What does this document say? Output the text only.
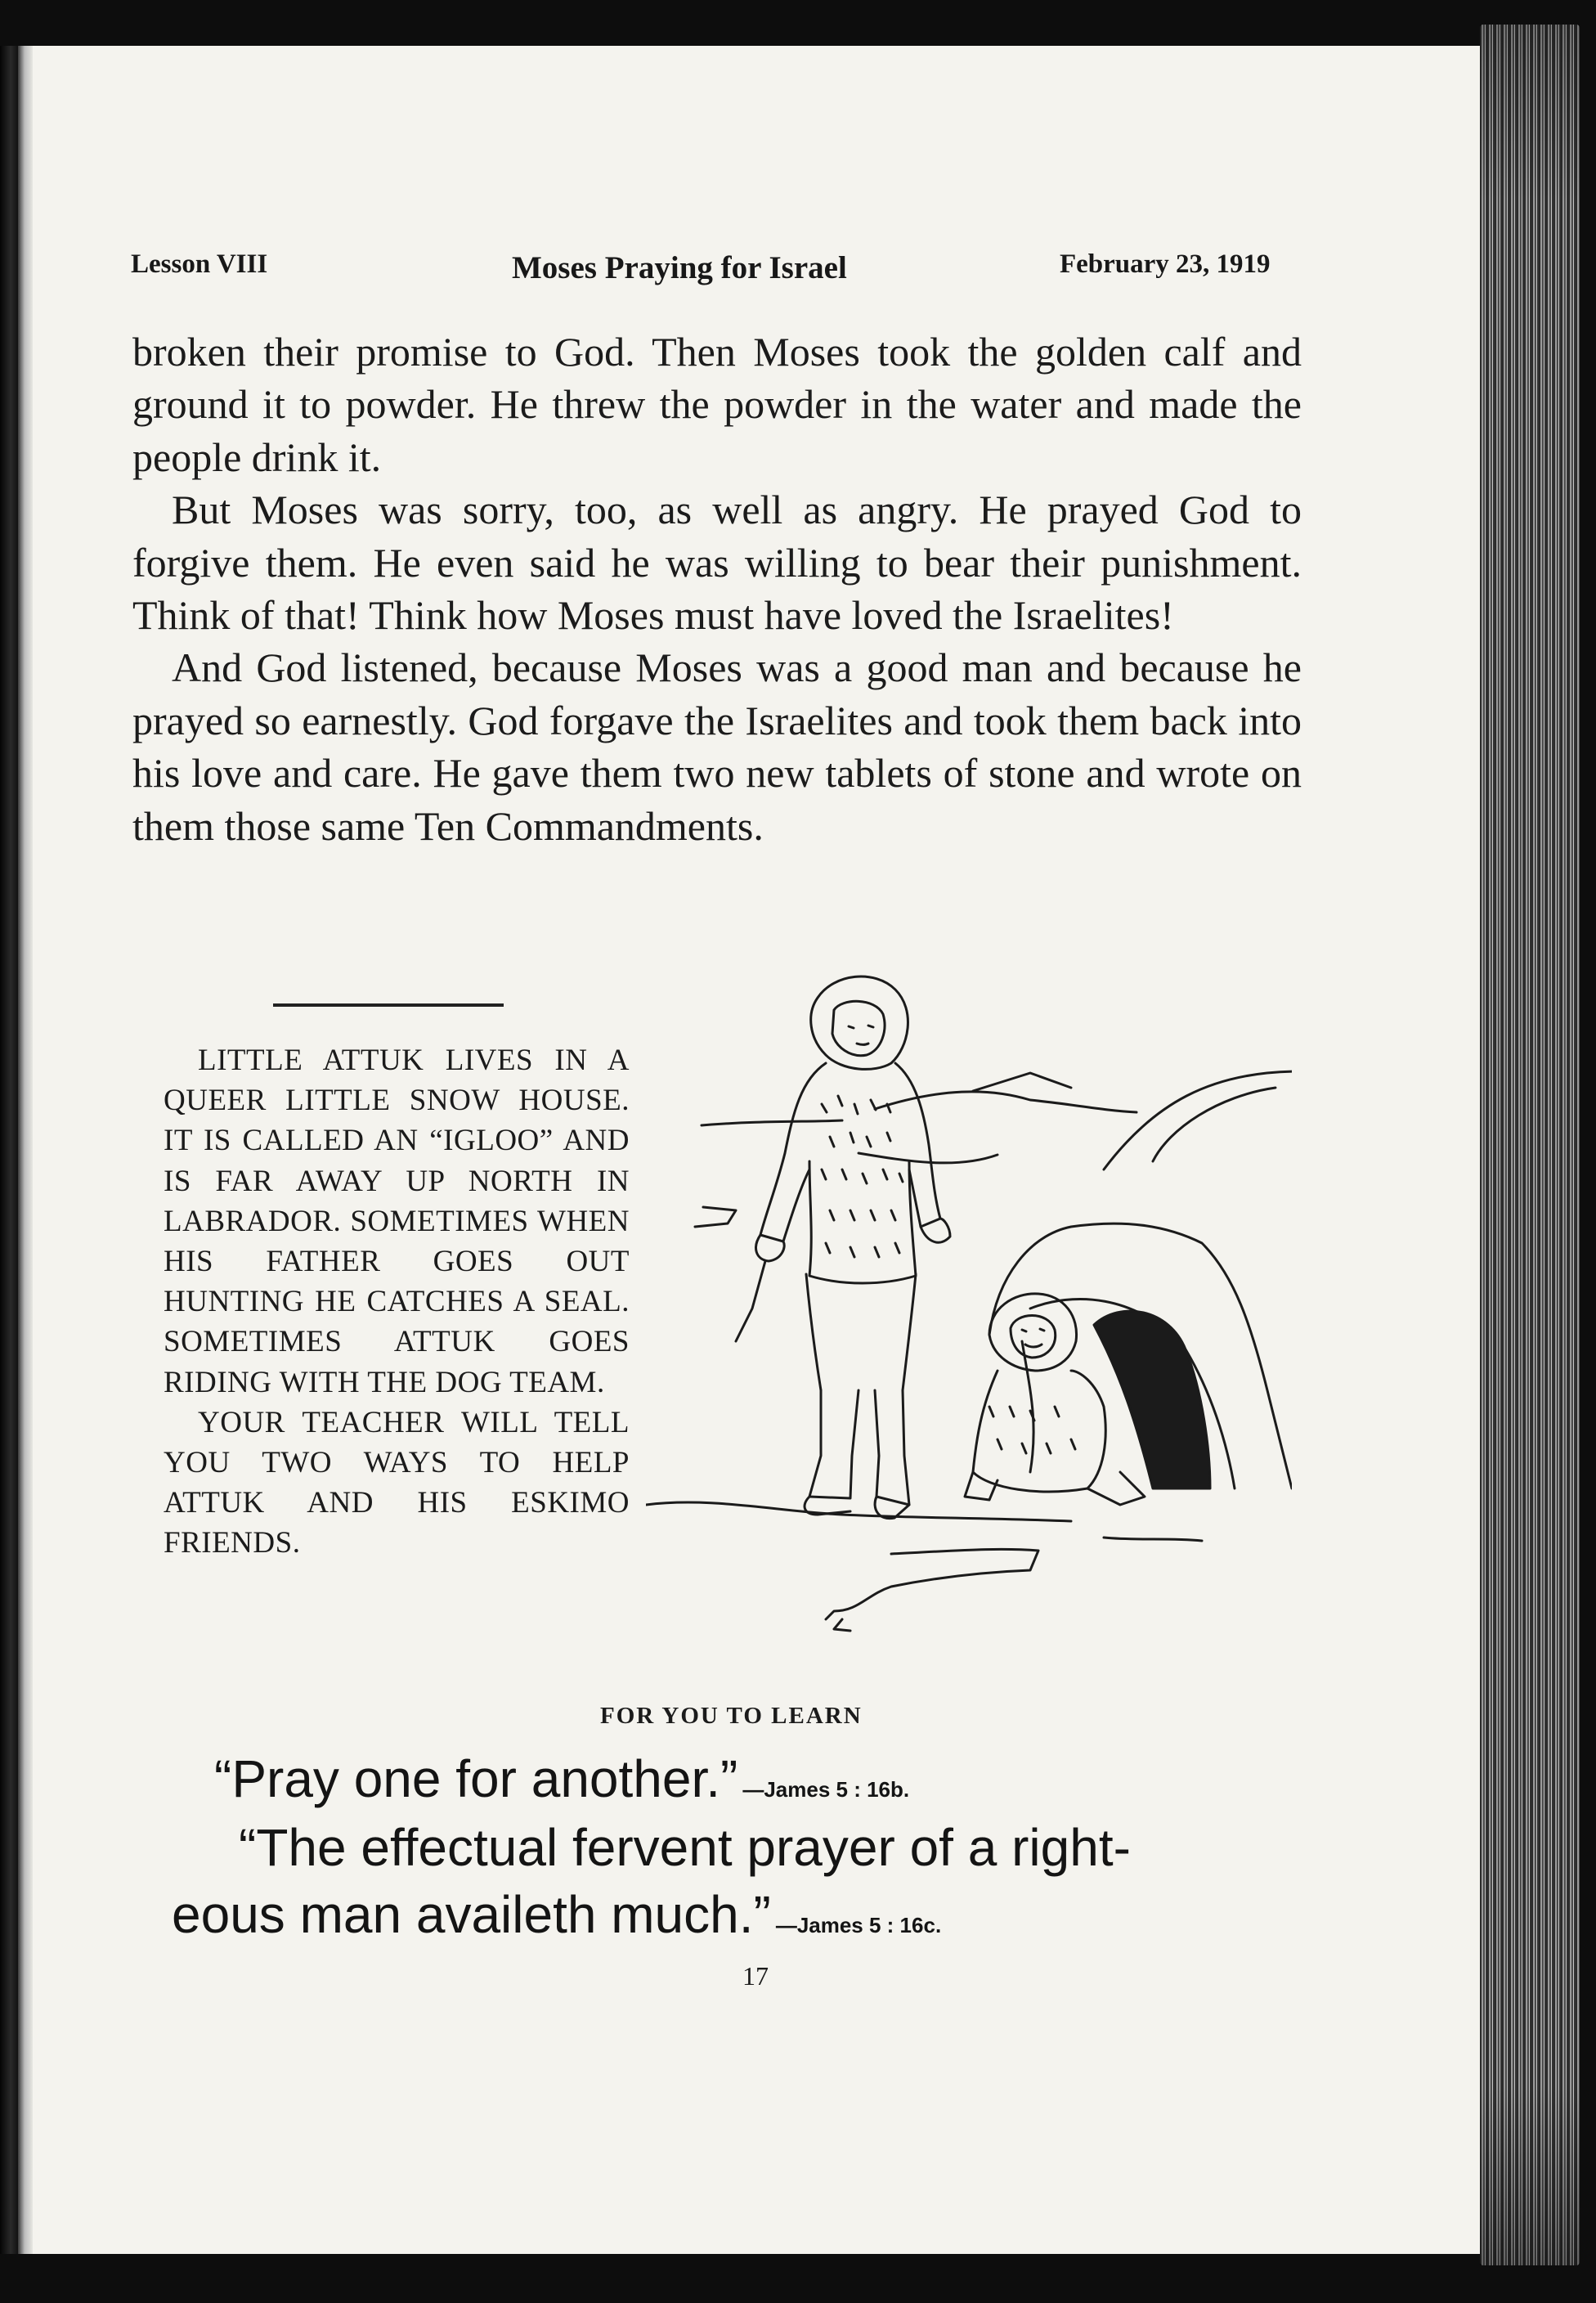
Lesson VIII	Moses Praying for Israel	February 23, 1919

broken their promise to God. Then Moses took the golden calf and ground it to powder. He threw the powder in the water and made the people drink it.

But Moses was sorry, too, as well as angry. He prayed God to forgive them. He even said he was willing to bear their punishment. Think of that! Think how Moses must have loved the Israelites!

And God listened, because Moses was a good man and because he prayed so earnestly. God forgave the Israelites and took them back into his love and care. He gave them two new tablets of stone and wrote on them those same Ten Commandments.

LITTLE ATTUK LIVES IN A QUEER LITTLE SNOW HOUSE. IT IS CALLED AN “IGLOO” AND IS FAR AWAY UP NORTH IN LABRADOR. SOMETIMES WHEN HIS FATHER GOES OUT HUNTING HE CATCHES A SEAL. SOMETIMES ATTUK GOES RIDING WITH THE DOG TEAM.

YOUR TEACHER WILL TELL YOU TWO WAYS TO HELP ATTUK AND HIS ESKIMO FRIENDS.

FOR YOU TO LEARN
“Pray one for another.” —James 5 : 16b.
“The effectual fervent prayer of a right-
eous man availeth much.” —James 5 : 16c.
17
